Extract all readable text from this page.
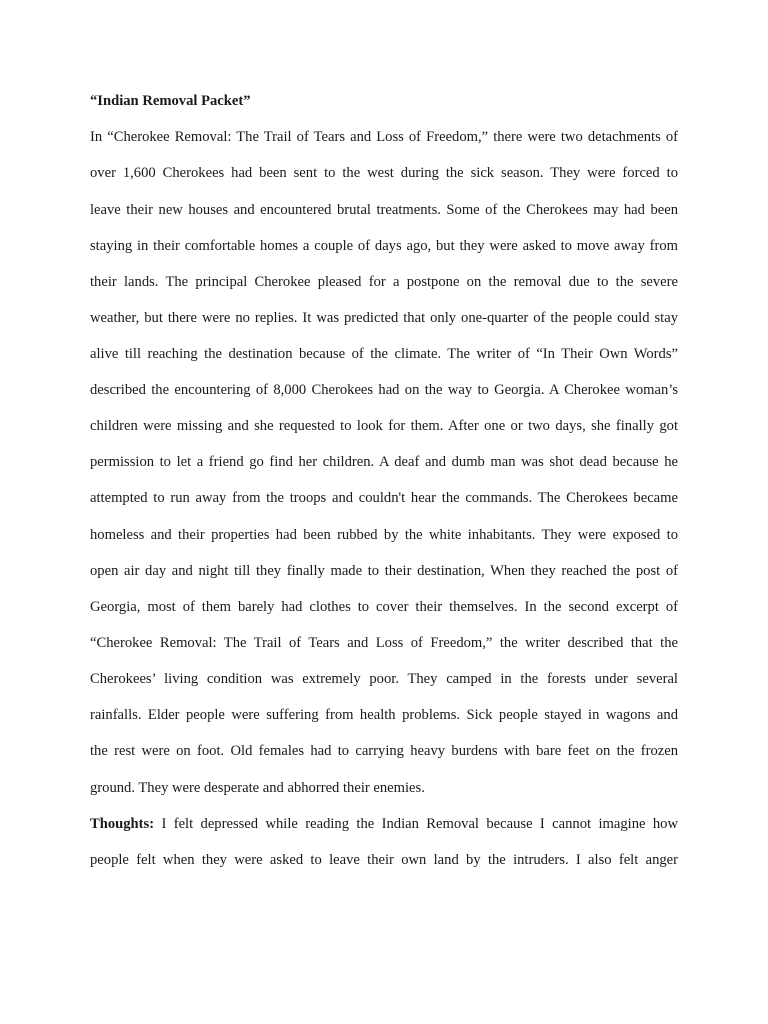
“Indian Removal Packet”
In “Cherokee Removal: The Trail of Tears and Loss of Freedom,” there were two detachments of
over 1,600 Cherokees had been sent to the west during the sick season. They were forced to
leave their new houses and encountered brutal treatments. Some of the Cherokees may had been
staying in their comfortable homes a couple of days ago, but they were asked to move away from
their lands. The principal Cherokee pleased for a postpone on the removal due to the severe
weather, but there were no replies. It was predicted that only one-quarter of the people could stay
alive till reaching the destination because of the climate. The writer of “In Their Own Words”
described the encountering of 8,000 Cherokees had on the way to Georgia. A Cherokee woman’s
children were missing and she requested to look for them. After one or two days, she finally got
permission to let a friend go find her children. A deaf and dumb man was shot dead because he
attempted to run away from the troops and couldn't hear the commands. The Cherokees became
homeless and their properties had been rubbed by the white inhabitants. They were exposed to
open air day and night till they finally made to their destination, When they reached the post of
Georgia, most of them barely had clothes to cover their themselves. In the second excerpt of
“Cherokee Removal: The Trail of Tears and Loss of Freedom,” the writer described that the
Cherokees’ living condition was extremely poor. They camped in the forests under several
rainfalls. Elder people were suffering from health problems. Sick people stayed in wagons and
the rest were on foot. Old females had to carrying heavy burdens with bare feet on the frozen
ground. They were desperate and abhorred their enemies.
Thoughts: I felt depressed while reading the Indian Removal because I cannot imagine how
people felt when they were asked to leave their own land by the intruders. I also felt anger
